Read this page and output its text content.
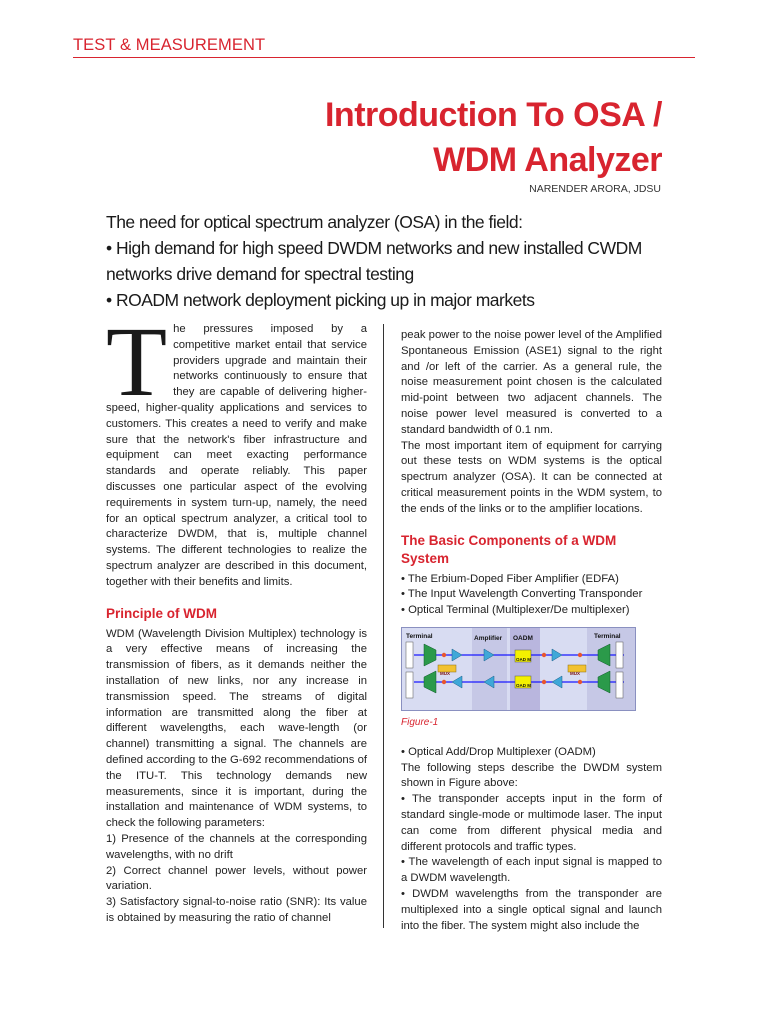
TEST & MEASUREMENT
Introduction To OSA /
WDM Analyzer
NARENDER ARORA, JDSU

The need for optical spectrum analyzer (OSA) in the field:

• High demand for high speed DWDM networks and new installed CWDM networks drive demand for spectral testing

• ROADM network deployment picking up in major markets

The pressures imposed by a competitive market entail that service providers upgrade and maintain their networks continuously to ensure that they are capable of delivering higher-speed, higher-quality applications and services to customers. This creates a need to verify and make sure that the network's fiber infrastructure and equipment can meet exacting performance standards and operate reliably. This paper discusses one particular aspect of the evolving requirements in system turn-up, namely, the need for an optical spectrum analyzer, a critical tool to characterize DWDM, that is, multiple channel systems. The different technologies to realize the spectrum analyzer are described in this document, together with their benefits and limits.

Principle of WDM

WDM (Wavelength Division Multiplex) technology is a very effective means of increasing the transmission of fibers, as it demands neither the installation of new links, nor any increase in transmission speed. The streams of digital information are transmitted along the fiber at different wavelengths, each wave-length (or channel) transmitting a signal. The channels are defined according to the G-692 recommendations of the ITU-T. This technology demands new measurements, since it is important, during the installation and maintenance of WDM systems, to check the following parameters:

1) Presence of the channels at the corresponding wavelengths, with no drift

2) Correct channel power levels, without power variation.

3) Satisfactory signal-to-noise ratio (SNR): Its value is obtained by measuring the ratio of channel

peak power to the noise power level of the Amplified Spontaneous Emission (ASE1) signal to the right and /or left of the carrier. As a general rule, the noise measurement point chosen is the calculated mid-point between two adjacent channels. The noise power level measured is converted to a standard bandwidth of 0.1 nm.

The most important item of equipment for carrying out these tests on WDM systems is the optical spectrum analyzer (OSA). It can be connected at critical measurement points in the WDM system, to the ends of the links or to the amplifier locations.

The Basic Components of a WDM System
• The Erbium-Doped Fiber Amplifier (EDFA)
• The Input Wavelength Converting Transponder
• Optical Terminal (Multiplexer/De multiplexer)
Terminal	Amplifier OADM	Terminal
OAD M
OAD M
MUX	MUX
Figure-1

• Optical Add/Drop Multiplexer (OADM)

The following steps describe the DWDM system shown in Figure above:

• The transponder accepts input in the form of standard single-mode or multimode laser. The input can come from different physical media and different protocols and traffic types.

• The wavelength of each input signal is mapped to a DWDM wavelength.

• DWDM wavelengths from the transponder are multiplexed into a single optical signal and launch into the fiber. The system might also include the
